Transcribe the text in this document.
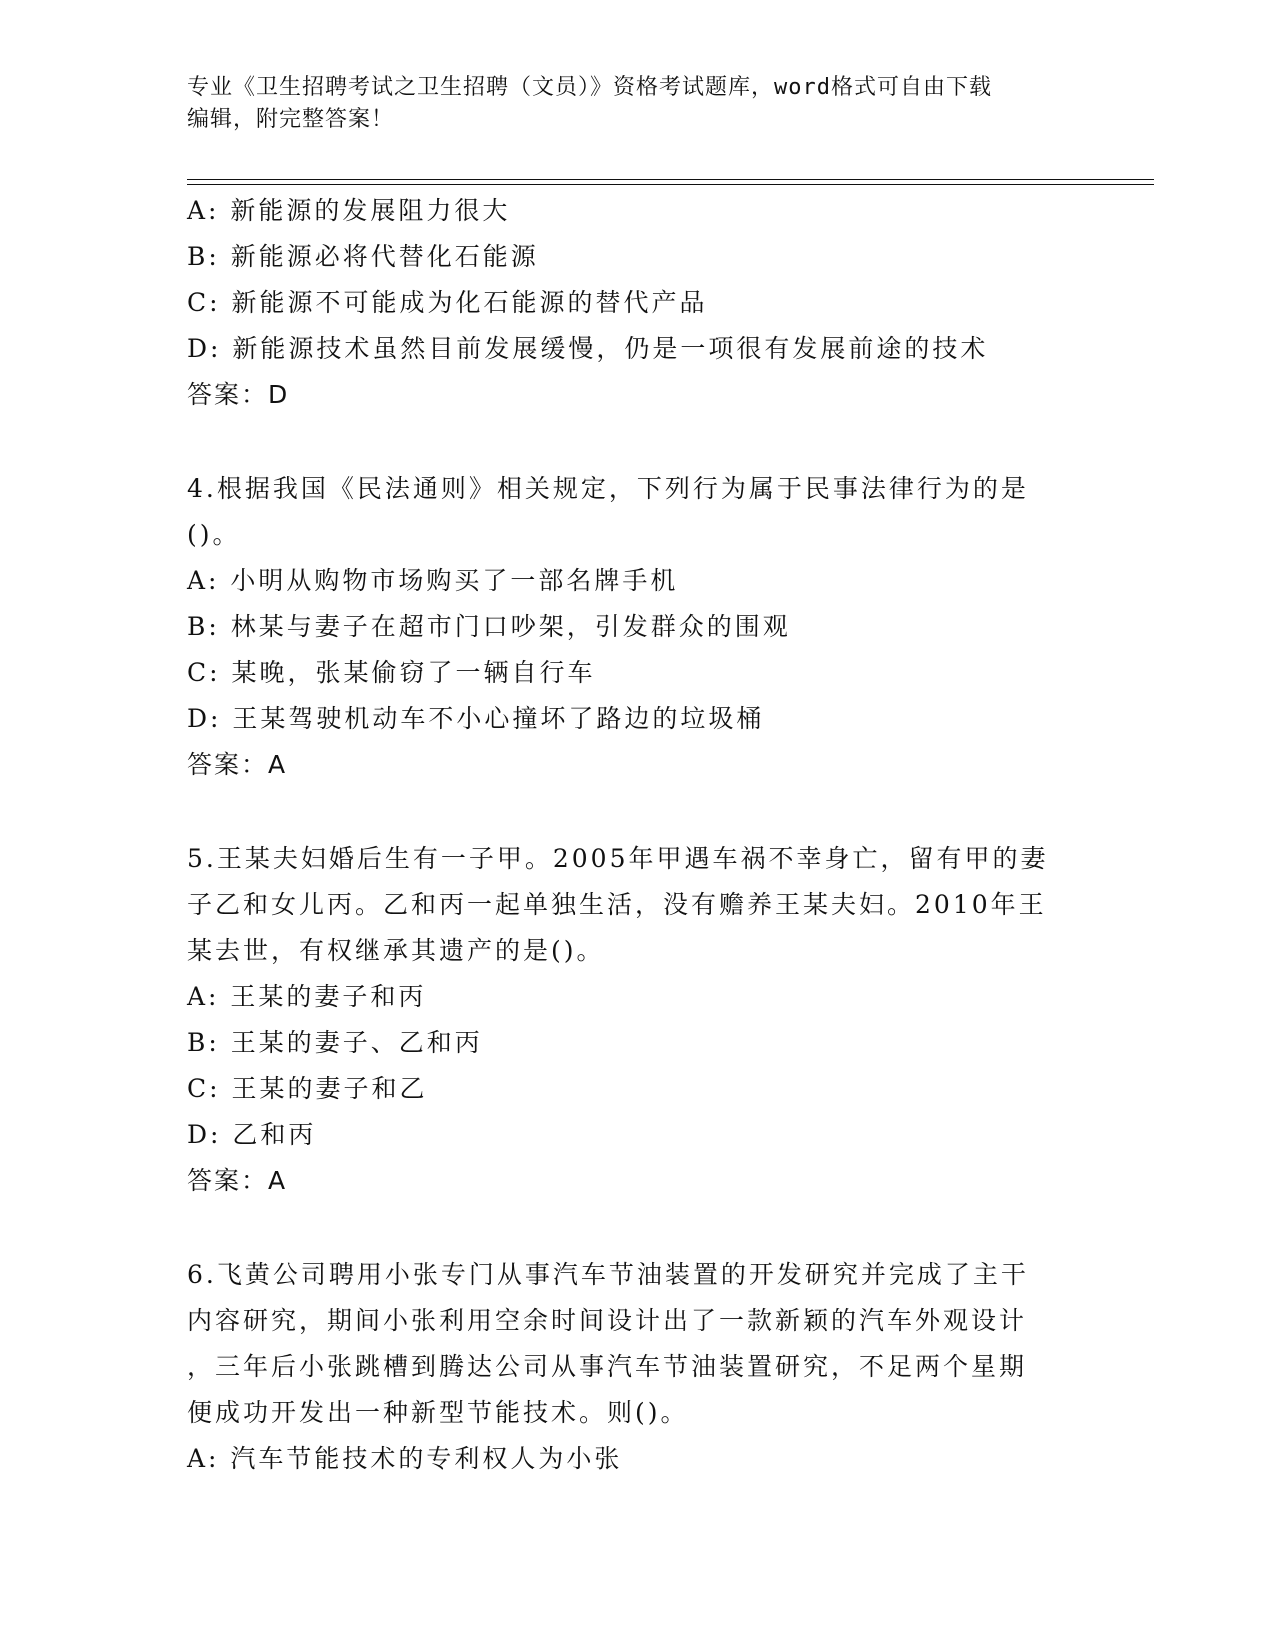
专业《卫生招聘考试之卫生招聘（文员）》资格考试题库，word格式可自由下载
编辑，附完整答案！
A: 新能源的发展阻力很大
B: 新能源必将代替化石能源
C: 新能源不可能成为化石能源的替代产品
D: 新能源技术虽然目前发展缓慢，仍是一项很有发展前途的技术
答案：D
4.根据我国《民法通则》相关规定，下列行为属于民事法律行为的是
()。
A: 小明从购物市场购买了一部名牌手机
B: 林某与妻子在超市门口吵架，引发群众的围观
C: 某晚，张某偷窃了一辆自行车
D: 王某驾驶机动车不小心撞坏了路边的垃圾桶
答案：A
5.王某夫妇婚后生有一子甲。2005年甲遇车祸不幸身亡，留有甲的妻
子乙和女儿丙。乙和丙一起单独生活，没有赡养王某夫妇。2010年王
某去世，有权继承其遗产的是()。
A: 王某的妻子和丙
B: 王某的妻子、乙和丙
C: 王某的妻子和乙
D: 乙和丙
答案：A
6.飞黄公司聘用小张专门从事汽车节油装置的开发研究并完成了主干
内容研究，期间小张利用空余时间设计出了一款新颖的汽车外观设计
，三年后小张跳槽到腾达公司从事汽车节油装置研究，不足两个星期
便成功开发出一种新型节能技术。则()。
A: 汽车节能技术的专利权人为小张
